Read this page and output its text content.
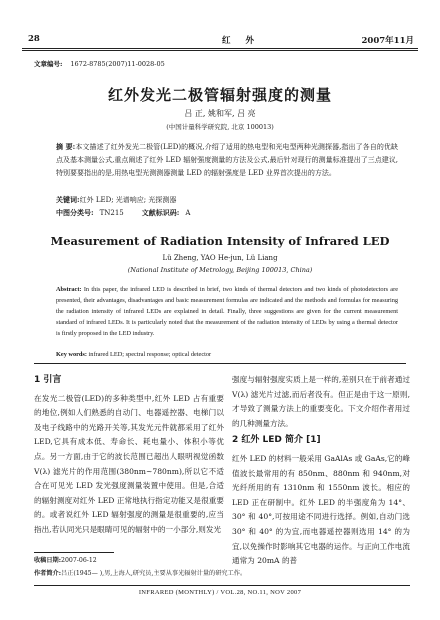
28	红 外	2007年11月
文章编号: 1672-8785(2007)11-0028-05
红外发光二极管辐射强度的测量
吕 正, 姚和军, 吕 亮
(中国计量科学研究院, 北京 100013)
摘 要:本文描述了红外发光二极管(LED)的概况,介绍了适用的热电型和光电型两种光测探器,指出了各自的优缺点及基本测量公式,重点阐述了红外 LED 辐射强度测量的方法及公式,最后针对现行的测量标准提出了三点建议,特别要要指出的是,用热电型光测测器测量 LED 的辐射强度是 LED 业界首次提出的方法。
关键词:红外 LED; 光谱响应; 光探测器
中图分类号: TN215	文献标识码: A
Measurement of Radiation Intensity of Infrared LED
Lü Zheng, YAO He-jun, Lü Liang
(National Institute of Metrology, Beijing 100013, China)
Abstract: In this paper, the infrared LED is described in brief, two kinds of thermal detectors and two kinds of photodetectors are presented, their advantages, disadvantages and basic measurement formulas are indicated and the methods and formulas for measuring the radiation intensity of infrared LEDs are explained in detail. Finally, three suggestions are given for the current measurement standard of infrared LEDs. It is particularly noted that the measurement of the radiation intensity of LEDs by using a thermal detector is firstly proposed in the LED industry.
Key words: infrared LED; spectral response; optical detector
1 引言
在发光二极管(LED)的多种类型中,红外 LED 占有重要的地位,例如人们熟悉的自动门、电器遥控器、电梯门以及电子线路中的光路开关等,其发光元件就都采用了红外 LED,它具有成本低、寿命长、耗电量小、体积小等优点。另一方面,由于它的波长范围已超出人眼明视觉函数 V(λ) 滤光片的作用范围(380nm~780nm),所以它不适合在可见光 LED 发光强度测量装置中使用。但是,合适的辐射测度对红外 LED 正常地执行指定功能又是很重要的。或者说红外 LED 辐射强度的测量是很重要的,应当指出,若认同光只是眼睛可见的辐射中的一小部分,则发光
强度与辐射强度实质上是一样的,差别只在于前者通过 V(λ) 滤光片过滤,而后者没有。但正是由于这一原则,才导致了测量方法上的重要变化。下文介绍作者用过的几种测量方法。
2 红外 LED 简介 [1]
红外 LED 的材料一般采用 GaAlAs 或 GaAs,它的峰值波长最常用的有 850nm、880nm 和 940nm,对光纤所用的有 1310nm 和 1550nm 波长。相应的 LED 正在研制中。红外 LED 的半强度角为 14°、30° 和 40°,可按用途不同进行选择。例如,自动门选 30° 和 40° 的为宜,而电器遥控器则选用 14° 的为宜,以免操作时影响其它电器的运作。与正向工作电流通常为 20mA 的普
收稿日期:2007-06-12
作者简介:吕正(1945— ),男,上海人,研究员,主要从事光辐射计量的研究工作。
INFRARED (MONTHLY) / VOL.28, NO.11, NOV 2007
